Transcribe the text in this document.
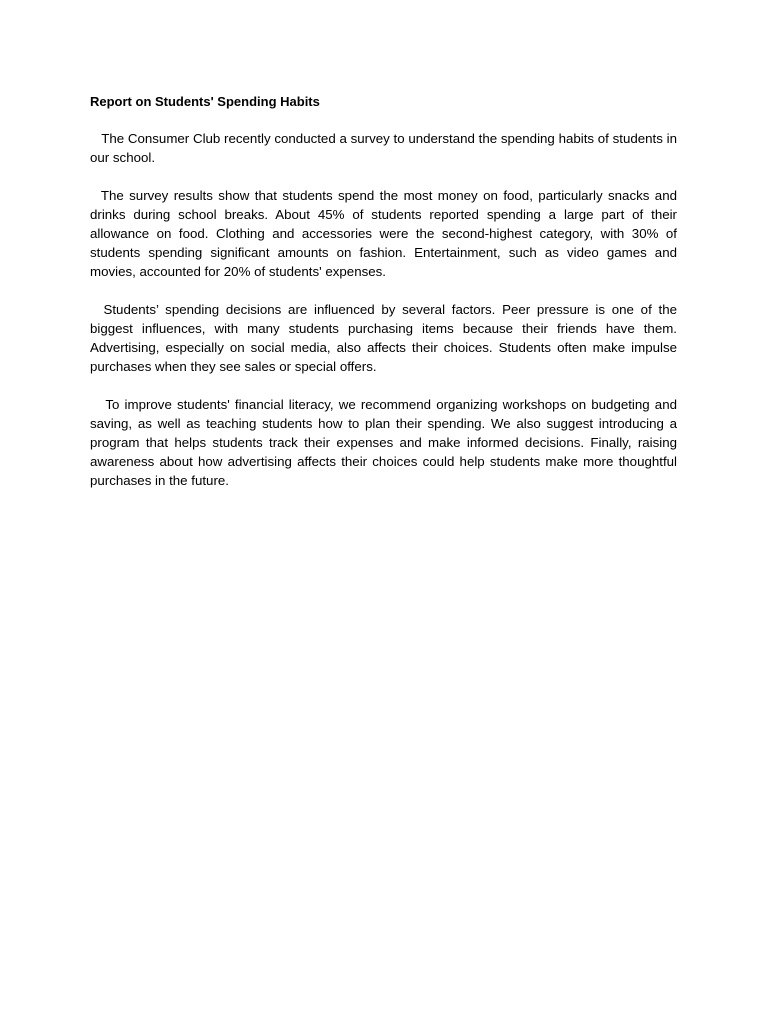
Report on Students' Spending Habits

The Consumer Club recently conducted a survey to understand the spending habits of students in our school.

The survey results show that students spend the most money on food, particularly snacks and drinks during school breaks. About 45% of students reported spending a large part of their allowance on food. Clothing and accessories were the second-highest category, with 30% of students spending significant amounts on fashion. Entertainment, such as video games and movies, accounted for 20% of students' expenses.

Students’ spending decisions are influenced by several factors. Peer pressure is one of the biggest influences, with many students purchasing items because their friends have them. Advertising, especially on social media, also affects their choices. Students often make impulse purchases when they see sales or special offers.

To improve students' financial literacy, we recommend organizing workshops on budgeting and saving, as well as teaching students how to plan their spending. We also suggest introducing a program that helps students track their expenses and make informed decisions. Finally, raising awareness about how advertising affects their choices could help students make more thoughtful purchases in the future.
